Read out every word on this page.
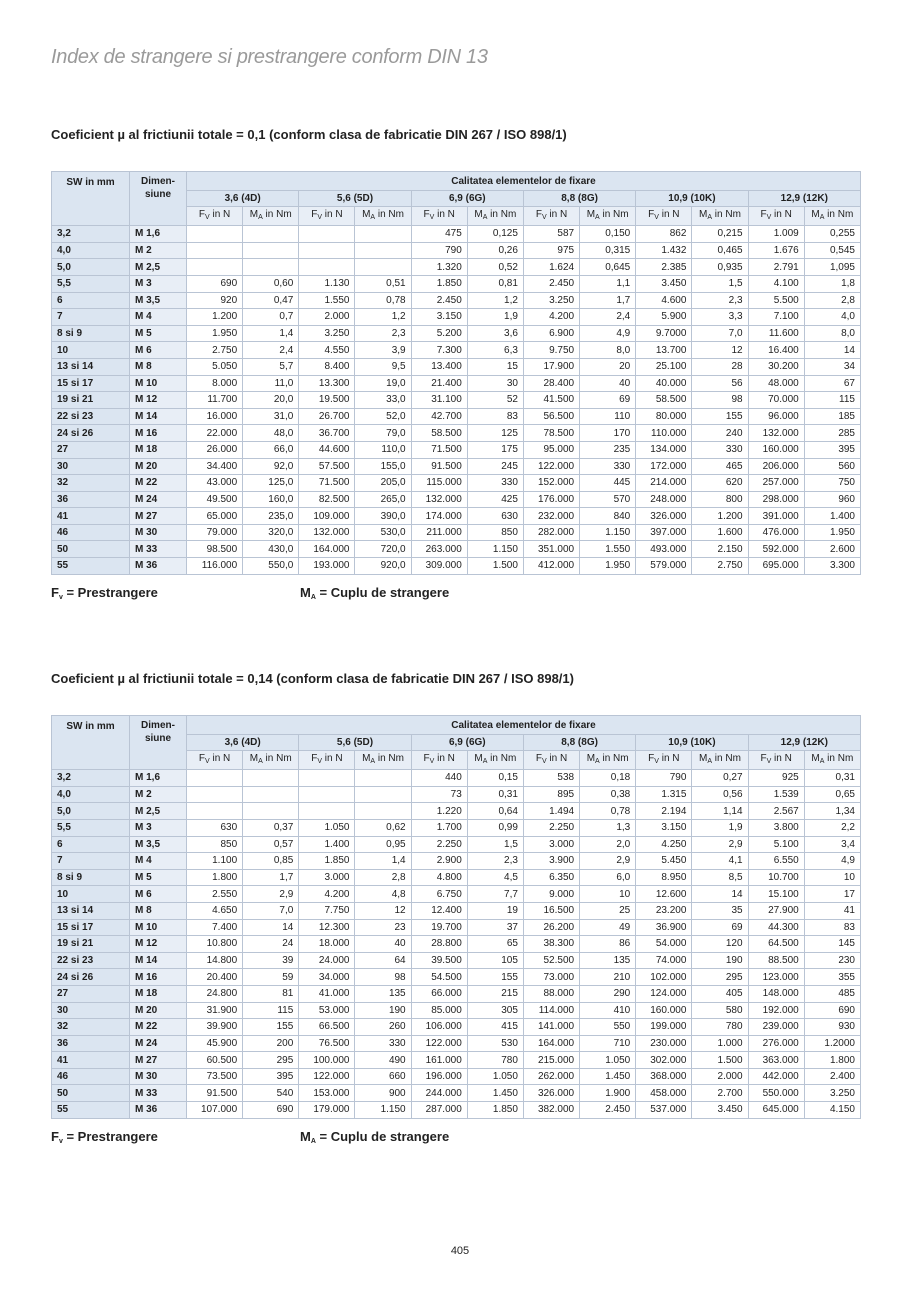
Index de strangere si prestrangere conform DIN 13
Coeficient µ al frictiunii totale = 0,1 (conform clasa de fabricatie DIN 267 / ISO 898/1)
SW in mm	Dimen-
siune	Calitatea elementelor de fixare											
		3,6 (4D)		5,6 (5D)		6,9 (6G)		8,8 (8G)		10,9 (10K)		12,9 (12K)	
		$F_V$ in N	$M_A$ in Nm	$F_V$ in N	$M_A$ in Nm	$F_V$ in N	$M_A$ in Nm	$F_V$ in N	$M_A$ in Nm	$F_V$ in N	$M_A$ in Nm	$F_V$ in N	$M_A$ in Nm
3,2	M 1,6					475	0,125	587	0,150	862	0,215	1.009	0,255
4,0	M 2					790	0,26	975	0,315	1.432	0,465	1.676	0,545
5,0	M 2,5					1.320	0,52	1.624	0,645	2.385	0,935	2.791	1,095
5,5	M 3	690	0,60	1.130	0,51	1.850	0,81	2.450	1,1	3.450	1,5	4.100	1,8
6	M 3,5	920	0,47	1.550	0,78	2.450	1,2	3.250	1,7	4.600	2,3	5.500	2,8
7	M 4	1.200	0,7	2.000	1,2	3.150	1,9	4.200	2,4	5.900	3,3	7.100	4,0
8 si 9	M 5	1.950	1,4	3.250	2,3	5.200	3,6	6.900	4,9	9.7000	7,0	11.600	8,0
10	M 6	2.750	2,4	4.550	3,9	7.300	6,3	9.750	8,0	13.700	12	16.400	14
13 si 14	M 8	5.050	5,7	8.400	9,5	13.400	15	17.900	20	25.100	28	30.200	34
15 si 17	M 10	8.000	11,0	13.300	19,0	21.400	30	28.400	40	40.000	56	48.000	67
19 si 21	M 12	11.700	20,0	19.500	33,0	31.100	52	41.500	69	58.500	98	70.000	115
22 si 23	M 14	16.000	31,0	26.700	52,0	42.700	83	56.500	110	80.000	155	96.000	185
24 si 26	M 16	22.000	48,0	36.700	79,0	58.500	125	78.500	170	110.000	240	132.000	285
27	M 18	26.000	66,0	44.600	110,0	71.500	175	95.000	235	134.000	330	160.000	395
30	M 20	34.400	92,0	57.500	155,0	91.500	245	122.000	330	172.000	465	206.000	560
32	M 22	43.000	125,0	71.500	205,0	115.000	330	152.000	445	214.000	620	257.000	750
36	M 24	49.500	160,0	82.500	265,0	132.000	425	176.000	570	248.000	800	298.000	960
41	M 27	65.000	235,0	109.000	390,0	174.000	630	232.000	840	326.000	1.200	391.000	1.400
46	M 30	79.000	320,0	132.000	530,0	211.000	850	282.000	1.150	397.000	1.600	476.000	1.950
50	M 33	98.500	430,0	164.000	720,0	263.000	1.150	351.000	1.550	493.000	2.150	592.000	2.600
55	M 36	116.000	550,0	193.000	920,0	309.000	1.500	412.000	1.950	579.000	2.750	695.000	3.300
$F_v$ = Prestrangere	$M_A$ = Cuplu de strangere
Coeficient µ al frictiunii totale = 0,14 (conform clasa de fabricatie DIN 267 / ISO 898/1)
SW in mm	Dimen-
siune	Calitatea elementelor de fixare											
		3,6 (4D)		5,6 (5D)		6,9 (6G)		8,8 (8G)		10,9 (10K)		12,9 (12K)	
		$F_V$ in N	$M_A$ in Nm	$F_V$ in N	$M_A$ in Nm	$F_V$ in N	$M_A$ in Nm	$F_V$ in N	$M_A$ in Nm	$F_V$ in N	$M_A$ in Nm	$F_V$ in N	$M_A$ in Nm
3,2	M 1,6					440	0,15	538	0,18	790	0,27	925	0,31
4,0	M 2					73	0,31	895	0,38	1.315	0,56	1.539	0,65
5,0	M 2,5					1.220	0,64	1.494	0,78	2.194	1,14	2.567	1,34
5,5	M 3	630	0,37	1.050	0,62	1.700	0,99	2.250	1,3	3.150	1,9	3.800	2,2
6	M 3,5	850	0,57	1.400	0,95	2.250	1,5	3.000	2,0	4.250	2,9	5.100	3,4
7	M 4	1.100	0,85	1.850	1,4	2.900	2,3	3.900	2,9	5.450	4,1	6.550	4,9
8 si 9	M 5	1.800	1,7	3.000	2,8	4.800	4,5	6.350	6,0	8.950	8,5	10.700	10
10	M 6	2.550	2,9	4.200	4,8	6.750	7,7	9.000	10	12.600	14	15.100	17
13 si 14	M 8	4.650	7,0	7.750	12	12.400	19	16.500	25	23.200	35	27.900	41
15 si 17	M 10	7.400	14	12.300	23	19.700	37	26.200	49	36.900	69	44.300	83
19 si 21	M 12	10.800	24	18.000	40	28.800	65	38.300	86	54.000	120	64.500	145
22 si 23	M 14	14.800	39	24.000	64	39.500	105	52.500	135	74.000	190	88.500	230
24 si 26	M 16	20.400	59	34.000	98	54.500	155	73.000	210	102.000	295	123.000	355
27	M 18	24.800	81	41.000	135	66.000	215	88.000	290	124.000	405	148.000	485
30	M 20	31.900	115	53.000	190	85.000	305	114.000	410	160.000	580	192.000	690
32	M 22	39.900	155	66.500	260	106.000	415	141.000	550	199.000	780	239.000	930
36	M 24	45.900	200	76.500	330	122.000	530	164.000	710	230.000	1.000	276.000	1.2000
41	M 27	60.500	295	100.000	490	161.000	780	215.000	1.050	302.000	1.500	363.000	1.800
46	M 30	73.500	395	122.000	660	196.000	1.050	262.000	1.450	368.000	2.000	442.000	2.400
50	M 33	91.500	540	153.000	900	244.000	1.450	326.000	1.900	458.000	2.700	550.000	3.250
55	M 36	107.000	690	179.000	1.150	287.000	1.850	382.000	2.450	537.000	3.450	645.000	4.150
$F_v$ = Prestrangere	$M_A$ = Cuplu de strangere
405
